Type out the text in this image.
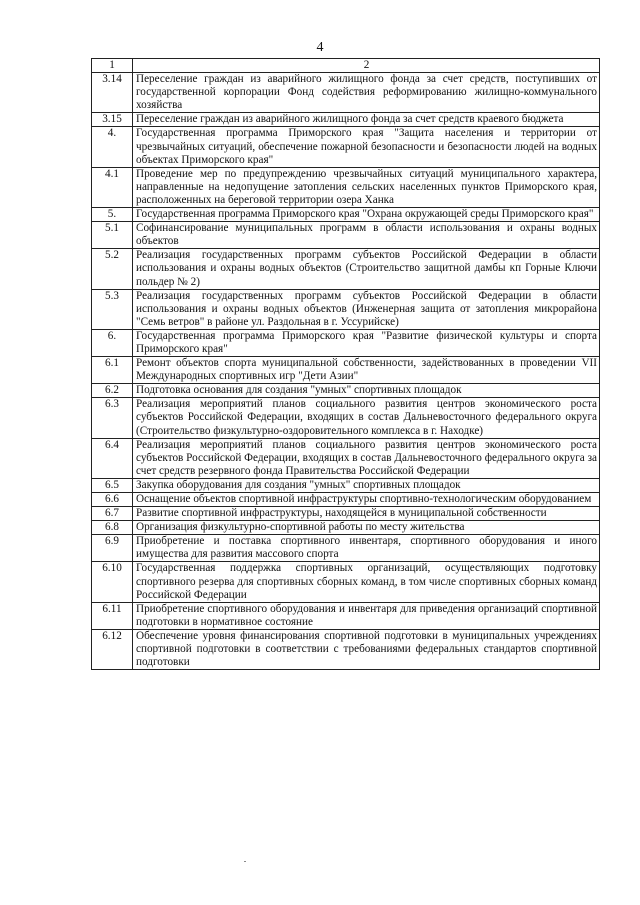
4
1	2
3.14	Переселение граждан из аварийного жилищного фонда за счет средств, поступивших от государственной корпорации Фонд содействия реформированию жилищно-коммунального хозяйства
3.15	Переселение граждан из аварийного жилищного фонда за счет средств краевого бюджета
4.	Государственная программа Приморского края "Защита населения и территории от чрезвычайных ситуаций, обеспечение пожарной безопасности и безопасности людей на водных объектах Приморского края"
4.1	Проведение мер по предупреждению чрезвычайных ситуаций муниципального характера, направленные на недопущение затопления сельских населенных пунктов Приморского края, расположенных на береговой территории озера Ханка
5.	Государственная программа Приморского края "Охрана окружающей среды Приморского края"
5.1	Софинансирование муниципальных программ в области использования и охраны водных объектов
5.2	Реализация государственных программ субъектов Российской Федерации в области использования и охраны водных объектов (Строительство защитной дамбы кп Горные Ключи польдер № 2)
5.3	Реализация государственных программ субъектов Российской Федерации в области использования и охраны водных объектов (Инженерная защита от затопления микрорайона "Семь ветров" в районе ул. Раздольная в г. Уссурийске)
6.	Государственная программа Приморского края "Развитие физической культуры и спорта Приморского края"
6.1	Ремонт объектов спорта муниципальной собственности, задействованных в проведении VII Международных спортивных игр "Дети Азии"
6.2	Подготовка основания для создания "умных" спортивных площадок
6.3	Реализация мероприятий планов социального развития центров экономического роста субъектов Российской Федерации, входящих в состав Дальневосточного федерального округа (Строительство физкультурно-оздоровительного комплекса в г. Находке)
6.4	Реализация мероприятий планов социального развития центров экономического роста субъектов Российской Федерации, входящих в состав Дальневосточного федерального округа за счет средств резервного фонда Правительства Российской Федерации
6.5	Закупка оборудования для создания "умных" спортивных площадок
6.6	Оснащение объектов спортивной инфраструктуры спортивно-технологическим оборудованием
6.7	Развитие спортивной инфраструктуры, находящейся в муниципальной собственности
6.8	Организация физкультурно-спортивной работы по месту жительства
6.9	Приобретение и поставка спортивного инвентаря, спортивного оборудования и иного имущества для развития массового спорта
6.10	Государственная поддержка спортивных организаций, осуществляющих подготовку спортивного резерва для спортивных сборных команд, в том числе спортивных сборных команд Российской Федерации
6.11	Приобретение спортивного оборудования и инвентаря для приведения организаций спортивной подготовки в нормативное состояние
6.12	Обеспечение уровня финансирования спортивной подготовки в муниципальных учреждениях спортивной подготовки в соответствии с требованиями федеральных стандартов спортивной подготовки
